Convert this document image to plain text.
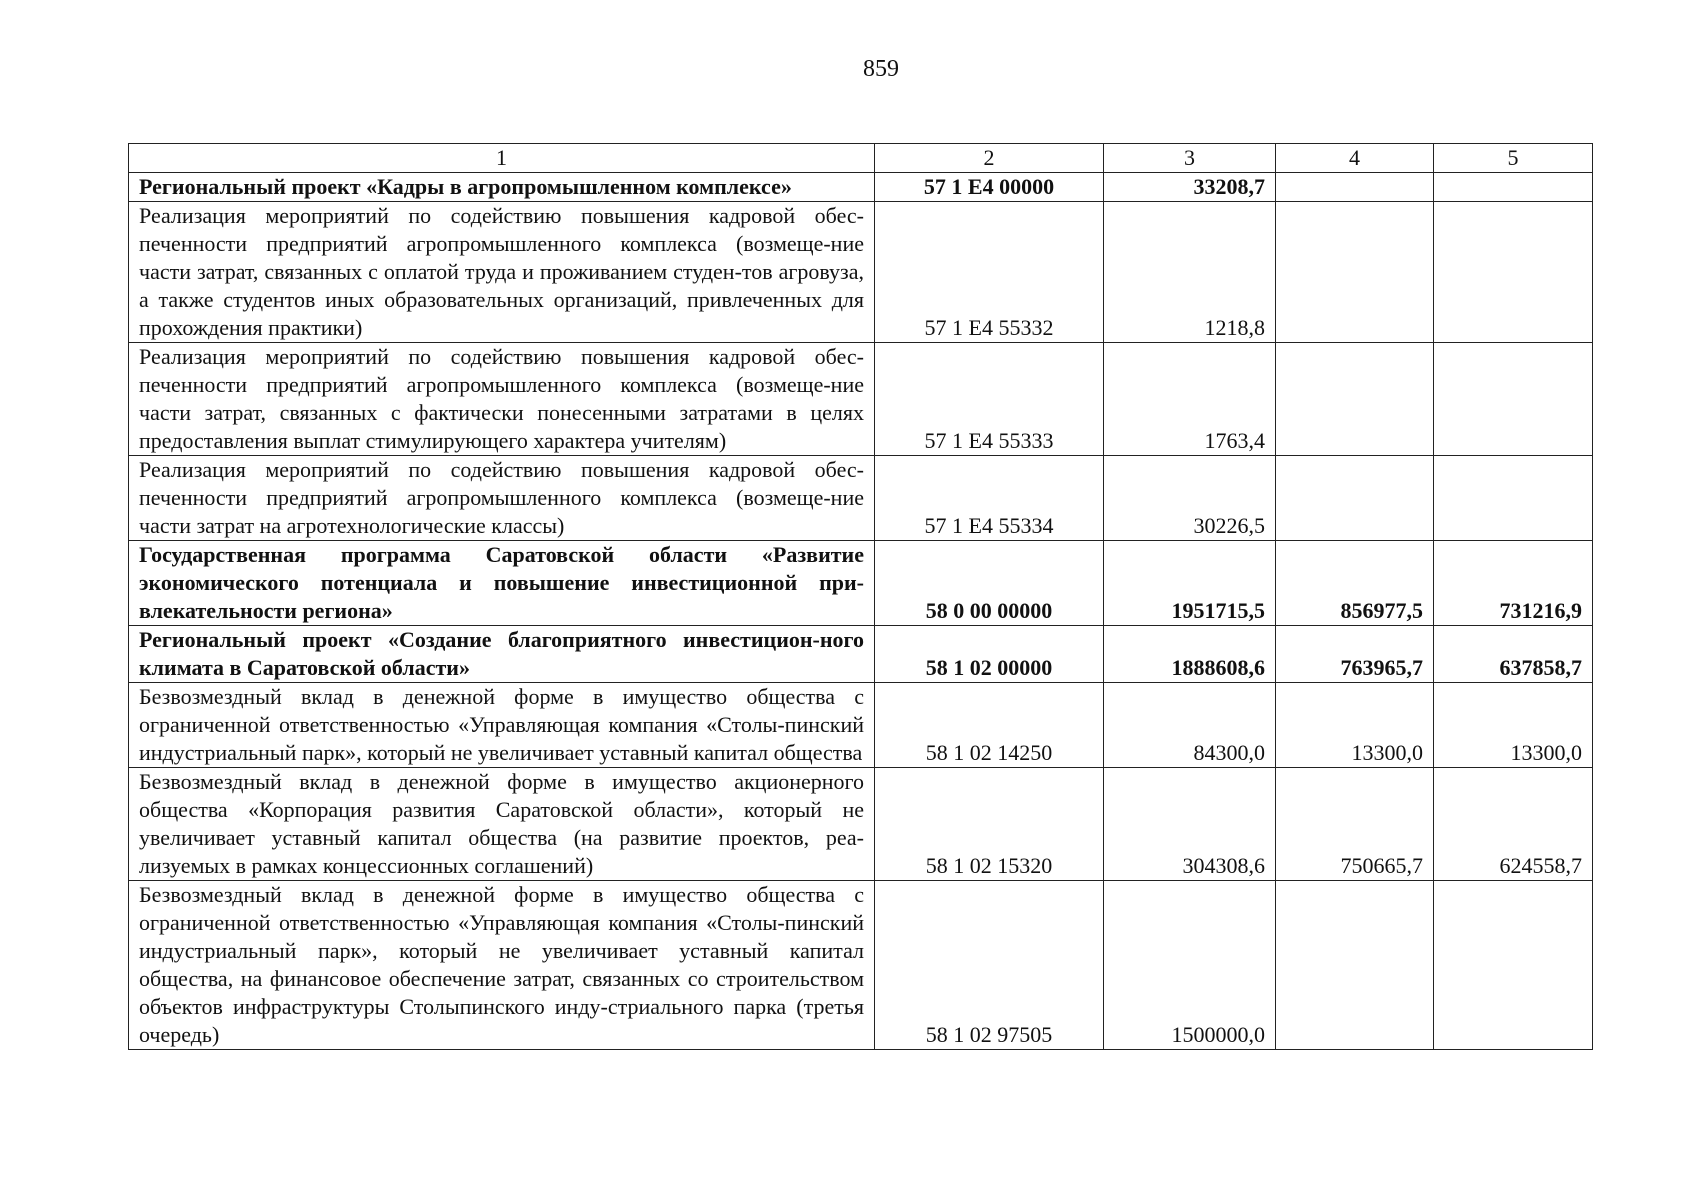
859
1	2	3	4	5
Региональный проект «Кадры в агропромышленном комплексе»	57 1 E4 00000	33208,7		
Реализация мероприятий по содействию повышения кадровой обес-печенности предприятий агропромышленного комплекса (возмеще-ние части затрат, связанных с оплатой труда и проживанием студен-тов агровуза, а также студентов иных образовательных организаций, привлеченных для прохождения практики)	57 1 E4 55332	1218,8		
Реализация мероприятий по содействию повышения кадровой обес-печенности предприятий агропромышленного комплекса (возмеще-ние части затрат, связанных с фактически понесенными затратами в целях предоставления выплат стимулирующего характера учителям)	57 1 E4 55333	1763,4		
Реализация мероприятий по содействию повышения кадровой обес-печенности предприятий агропромышленного комплекса (возмеще-ние части затрат на агротехнологические классы)	57 1 E4 55334	30226,5		
Государственная программа Саратовской области «Развитие экономического потенциала и повышение инвестиционной при-влекательности региона»	58 0 00 00000	1951715,5	856977,5	731216,9
Региональный проект «Создание благоприятного инвестицион-ного климата в Саратовской области»	58 1 02 00000	1888608,6	763965,7	637858,7
Безвозмездный вклад в денежной форме в имущество общества с ограниченной ответственностью «Управляющая компания «Столы-пинский индустриальный парк», который не увеличивает уставный капитал общества	58 1 02 14250	84300,0	13300,0	13300,0
Безвозмездный вклад в денежной форме в имущество акционерного общества «Корпорация развития Саратовской области», который не увеличивает уставный капитал общества (на развитие проектов, реа-лизуемых в рамках концессионных соглашений)	58 1 02 15320	304308,6	750665,7	624558,7
Безвозмездный вклад в денежной форме в имущество общества с ограниченной ответственностью «Управляющая компания «Столы-пинский индустриальный парк», который не увеличивает уставный капитал общества, на финансовое обеспечение затрат, связанных со строительством объектов инфраструктуры Столыпинского инду-стриального парка (третья очередь)	58 1 02 97505	1500000,0		
